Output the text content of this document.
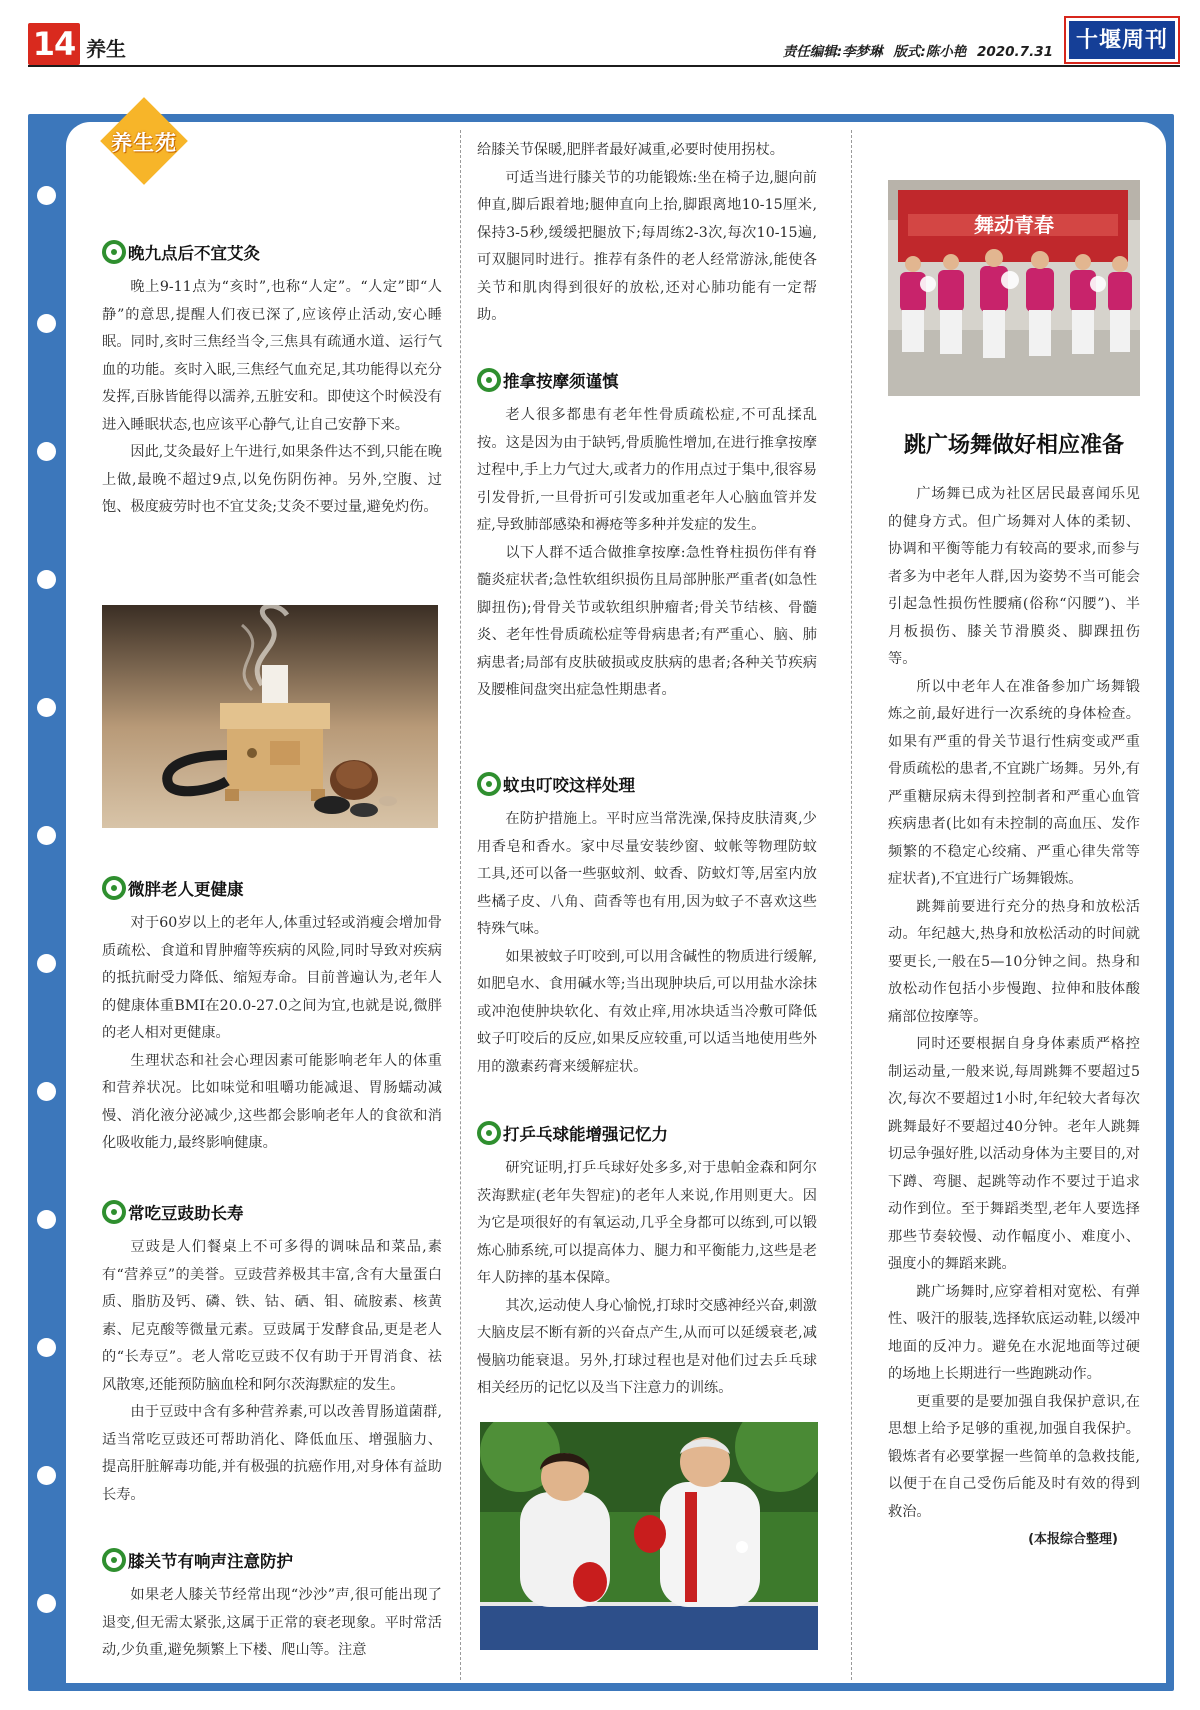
14 养生	责任编辑:李梦琳 版式:陈小艳 2020.7.31	十堰周刊
养生苑
晚九点后不宜艾灸

晚上9-11点为“亥时”,也称“人定”。“人定”即“人静”的意思,提醒人们夜已深了,应该停止活动,安心睡眠。同时,亥时三焦经当令,三焦具有疏通水道、运行气血的功能。亥时入眠,三焦经气血充足,其功能得以充分发挥,百脉皆能得以濡养,五脏安和。即使这个时候没有进入睡眠状态,也应该平心静气,让自己安静下来。

因此,艾灸最好上午进行,如果条件达不到,只能在晚上做,最晚不超过9点,以免伤阴伤神。另外,空腹、过饱、极度疲劳时也不宜艾灸;艾灸不要过量,避免灼伤。

微胖老人更健康

对于60岁以上的老年人,体重过轻或消瘦会增加骨质疏松、食道和胃肿瘤等疾病的风险,同时导致对疾病的抵抗耐受力降低、缩短寿命。目前普遍认为,老年人的健康体重BMI在20.0-27.0之间为宜,也就是说,微胖的老人相对更健康。

生理状态和社会心理因素可能影响老年人的体重和营养状况。比如味觉和咀嚼功能减退、胃肠蠕动减慢、消化液分泌减少,这些都会影响老年人的食欲和消化吸收能力,最终影响健康。

常吃豆豉助长寿

豆豉是人们餐桌上不可多得的调味品和菜品,素有“营养豆”的美誉。豆豉营养极其丰富,含有大量蛋白质、脂肪及钙、磷、铁、钴、硒、钼、硫胺素、核黄素、尼克酸等微量元素。豆豉属于发酵食品,更是老人的“长寿豆”。老人常吃豆豉不仅有助于开胃消食、祛风散寒,还能预防脑血栓和阿尔茨海默症的发生。

由于豆豉中含有多种营养素,可以改善胃肠道菌群,适当常吃豆豉还可帮助消化、降低血压、增强脑力、提高肝脏解毒功能,并有极强的抗癌作用,对身体有益助长寿。

膝关节有响声注意防护

如果老人膝关节经常出现“沙沙”声,很可能出现了退变,但无需太紧张,这属于正常的衰老现象。平时常活动,少负重,避免频繁上下楼、爬山等。注意

给膝关节保暖,肥胖者最好减重,必要时使用拐杖。

可适当进行膝关节的功能锻炼:坐在椅子边,腿向前伸直,脚后跟着地;腿伸直向上抬,脚跟离地10-15厘米,保持3-5秒,缓缓把腿放下;每周练2-3次,每次10-15遍,可双腿同时进行。推荐有条件的老人经常游泳,能使各关节和肌肉得到很好的放松,还对心肺功能有一定帮助。

推拿按摩须谨慎

老人很多都患有老年性骨质疏松症,不可乱揉乱按。这是因为由于缺钙,骨质脆性增加,在进行推拿按摩过程中,手上力气过大,或者力的作用点过于集中,很容易引发骨折,一旦骨折可引发或加重老年人心脑血管并发症,导致肺部感染和褥疮等多种并发症的发生。

以下人群不适合做推拿按摩:急性脊柱损伤伴有脊髓炎症状者;急性软组织损伤且局部肿胀严重者(如急性脚扭伤);骨骨关节或软组织肿瘤者;骨关节结核、骨髓炎、老年性骨质疏松症等骨病患者;有严重心、脑、肺病患者;局部有皮肤破损或皮肤病的患者;各种关节疾病及腰椎间盘突出症急性期患者。

蚊虫叮咬这样处理

在防护措施上。平时应当常洗澡,保持皮肤清爽,少用香皂和香水。家中尽量安装纱窗、蚊帐等物理防蚊工具,还可以备一些驱蚊剂、蚊香、防蚊灯等,居室内放些橘子皮、八角、茴香等也有用,因为蚊子不喜欢这些特殊气味。

如果被蚊子叮咬到,可以用含碱性的物质进行缓解,如肥皂水、食用碱水等;当出现肿块后,可以用盐水涂抹或冲泡使肿块软化、有效止痒,用冰块适当冷敷可降低蚊子叮咬后的反应,如果反应较重,可以适当地使用些外用的激素药膏来缓解症状。

打乒乓球能增强记忆力

研究证明,打乒乓球好处多多,对于患帕金森和阿尔茨海默症(老年失智症)的老年人来说,作用则更大。因为它是项很好的有氧运动,几乎全身都可以练到,可以锻炼心肺系统,可以提高体力、腿力和平衡能力,这些是老年人防摔的基本保障。

其次,运动使人身心愉悦,打球时交感神经兴奋,刺激大脑皮层不断有新的兴奋点产生,从而可以延缓衰老,减慢脑功能衰退。另外,打球过程也是对他们过去乒乓球相关经历的记忆以及当下注意力的训练。

舞动青春
跳广场舞做好相应准备

广场舞已成为社区居民最喜闻乐见的健身方式。但广场舞对人体的柔韧、协调和平衡等能力有较高的要求,而参与者多为中老年人群,因为姿势不当可能会引起急性损伤性腰痛(俗称“闪腰”)、半月板损伤、膝关节滑膜炎、脚踝扭伤等。

所以中老年人在准备参加广场舞锻炼之前,最好进行一次系统的身体检查。如果有严重的骨关节退行性病变或严重骨质疏松的患者,不宜跳广场舞。另外,有严重糖尿病未得到控制者和严重心血管疾病患者(比如有未控制的高血压、发作频繁的不稳定心绞痛、严重心律失常等症状者),不宜进行广场舞锻炼。

跳舞前要进行充分的热身和放松活动。年纪越大,热身和放松活动的时间就要更长,一般在5—10分钟之间。热身和放松动作包括小步慢跑、拉伸和肢体酸痛部位按摩等。

同时还要根据自身身体素质严格控制运动量,一般来说,每周跳舞不要超过5次,每次不要超过1小时,年纪较大者每次跳舞最好不要超过40分钟。老年人跳舞切忌争强好胜,以活动身体为主要目的,对下蹲、弯腿、起跳等动作不要过于追求动作到位。至于舞蹈类型,老年人要选择那些节奏较慢、动作幅度小、难度小、强度小的舞蹈来跳。

跳广场舞时,应穿着相对宽松、有弹性、吸汗的服装,选择软底运动鞋,以缓冲地面的反冲力。避免在水泥地面等过硬的场地上长期进行一些跑跳动作。

更重要的是要加强自我保护意识,在思想上给予足够的重视,加强自我保护。锻炼者有必要掌握一些简单的急救技能,以便于在自己受伤后能及时有效的得到救治。

(本报综合整理)
